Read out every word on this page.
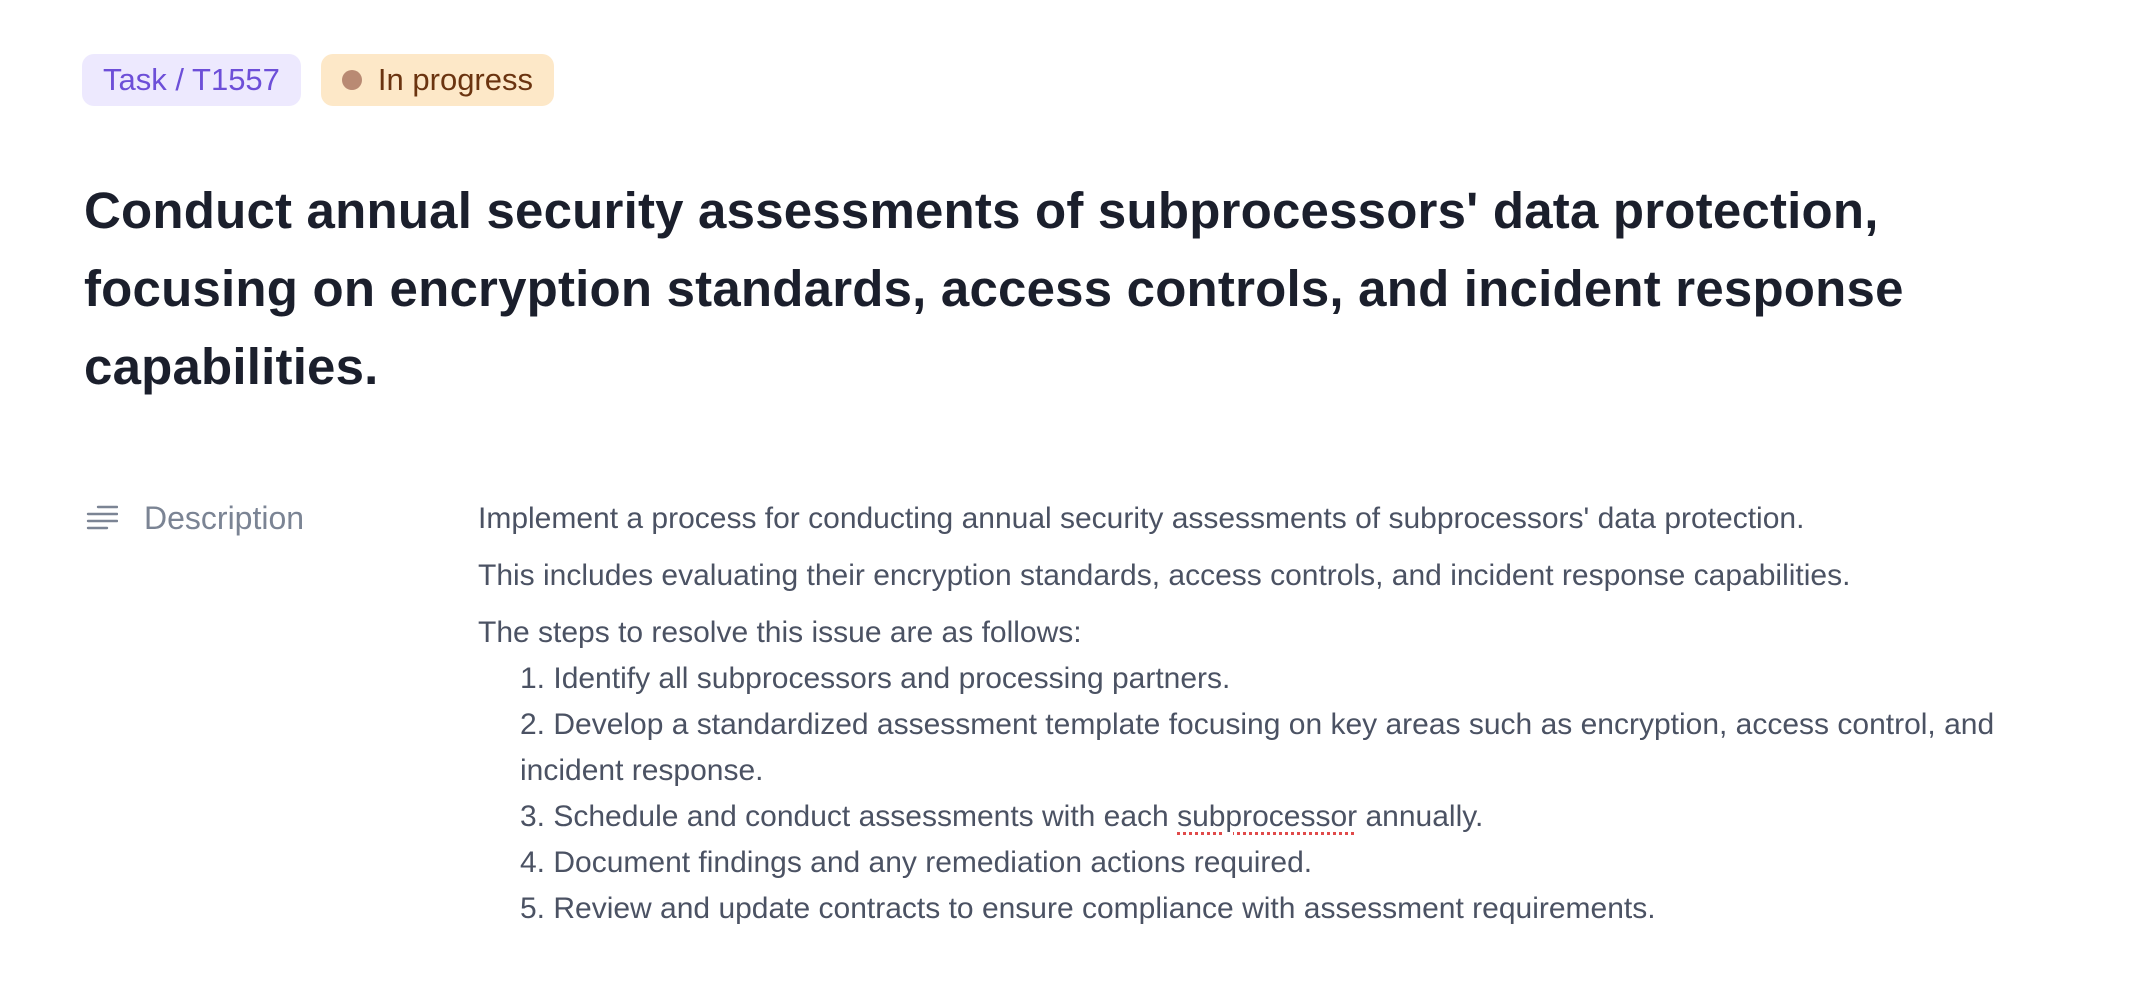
Task / T1557	In progress
Conduct annual security assessments of subprocessors' data protection, focusing on encryption standards, access controls, and incident response capabilities.
Description	Implement a process for conducting annual security assessments of subprocessors' data protection.

This includes evaluating their encryption standards, access controls, and incident response capabilities.

The steps to resolve this issue are as follows:

1. Identify all subprocessors and processing partners.
2. Develop a standardized assessment template focusing on key areas such as encryption, access control, and incident response.
3. Schedule and conduct assessments with each subprocessor annually.
4. Document findings and any remediation actions required.
5. Review and update contracts to ensure compliance with assessment requirements.
